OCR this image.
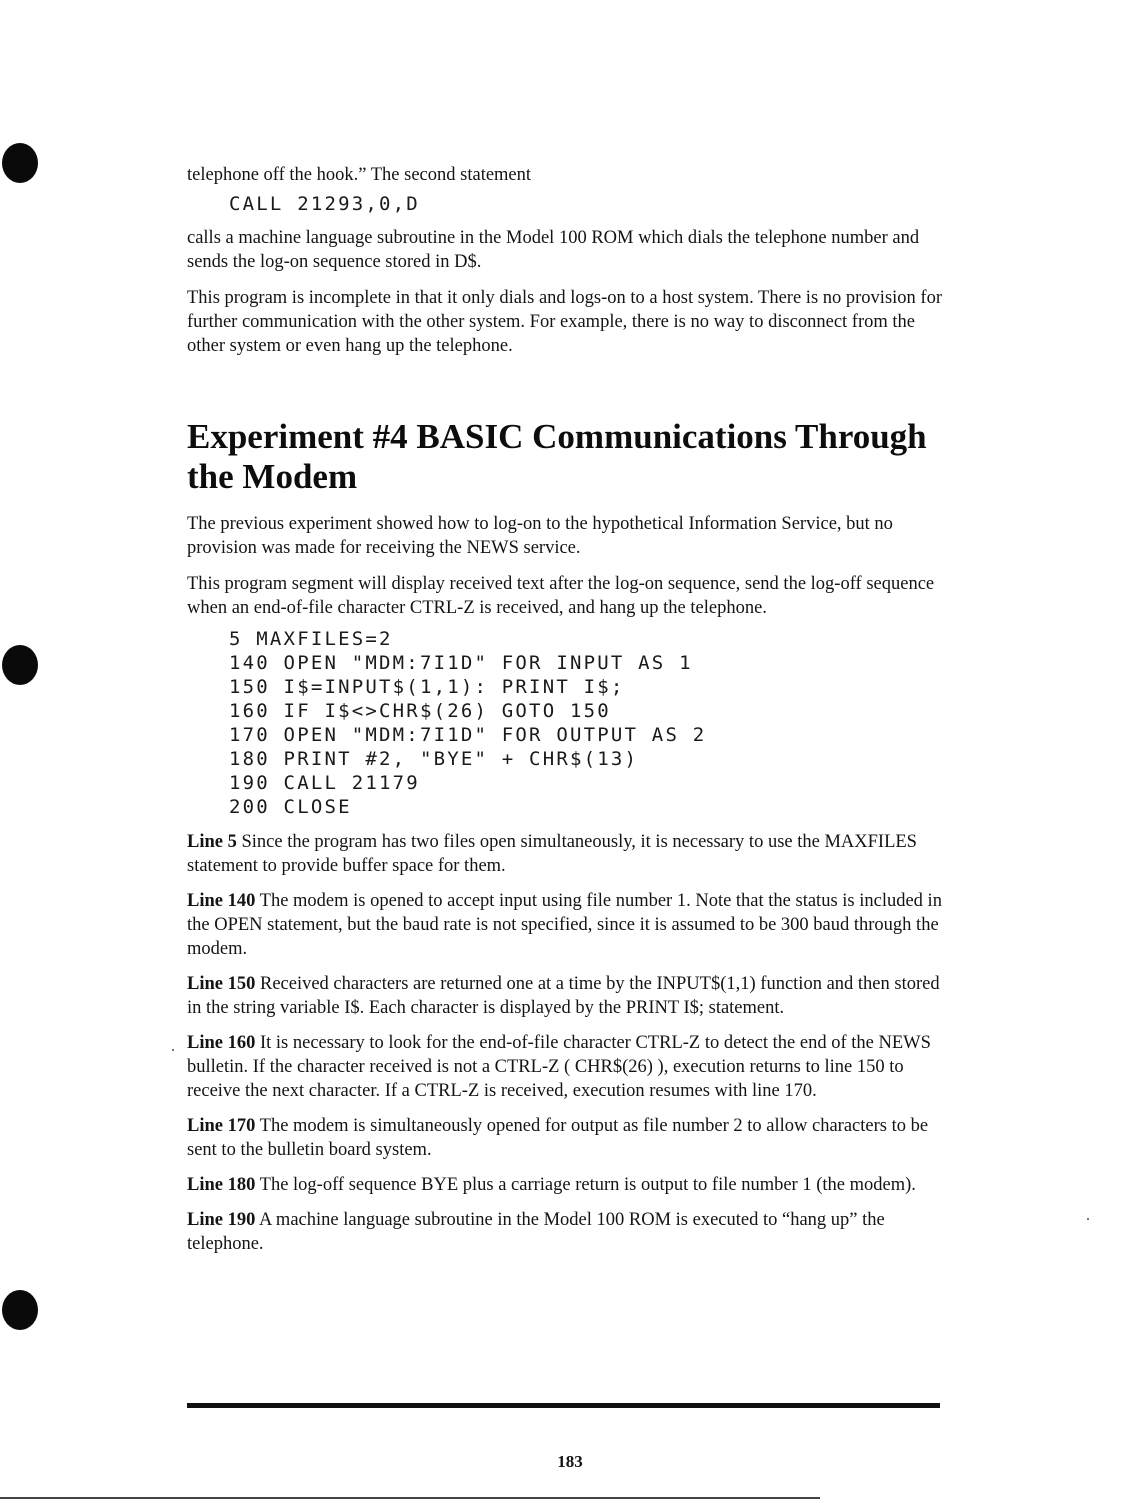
telephone off the hook.” The second statement

CALL 21293,0,D

calls a machine language subroutine in the Model 100 ROM which dials the telephone number and sends the log-on sequence stored in D$.

This program is incomplete in that it only dials and logs-on to a host system. There is no provision for further communication with the other system. For example, there is no way to disconnect from the other system or even hang up the telephone.

Experiment #4 BASIC Communications Through the Modem

The previous experiment showed how to log-on to the hypothetical Information Service, but no provision was made for receiving the NEWS service.

This program segment will display received text after the log-on sequence, send the log-off sequence when an end-of-file character CTRL-Z is received, and hang up the telephone.

5 MAXFILES=2
140 OPEN "MDM:7I1D" FOR INPUT AS 1
150 I$=INPUT$(1,1): PRINT I$;
160 IF I$<>CHR$(26) GOTO 150
170 OPEN "MDM:7I1D" FOR OUTPUT AS 2
180 PRINT #2, "BYE" + CHR$(13)
190 CALL 21179
200 CLOSE

Line 5 Since the program has two files open simultaneously, it is necessary to use the MAXFILES statement to provide buffer space for them.

Line 140 The modem is opened to accept input using file number 1. Note that the status is included in the OPEN statement, but the baud rate is not specified, since it is assumed to be 300 baud through the modem.

Line 150 Received characters are returned one at a time by the INPUT$(1,1) function and then stored in the string variable I$. Each character is displayed by the PRINT I$; statement.

Line 160 It is necessary to look for the end-of-file character CTRL-Z to detect the end of the NEWS bulletin. If the character received is not a CTRL-Z ( CHR$(26) ), execution returns to line 150 to receive the next character. If a CTRL-Z is received, execution resumes with line 170.

Line 170 The modem is simultaneously opened for output as file number 2 to allow characters to be sent to the bulletin board system.

Line 180 The log-off sequence BYE plus a carriage return is output to file number 1 (the modem).

Line 190 A machine language subroutine in the Model 100 ROM is executed to “hang up” the telephone.

183
